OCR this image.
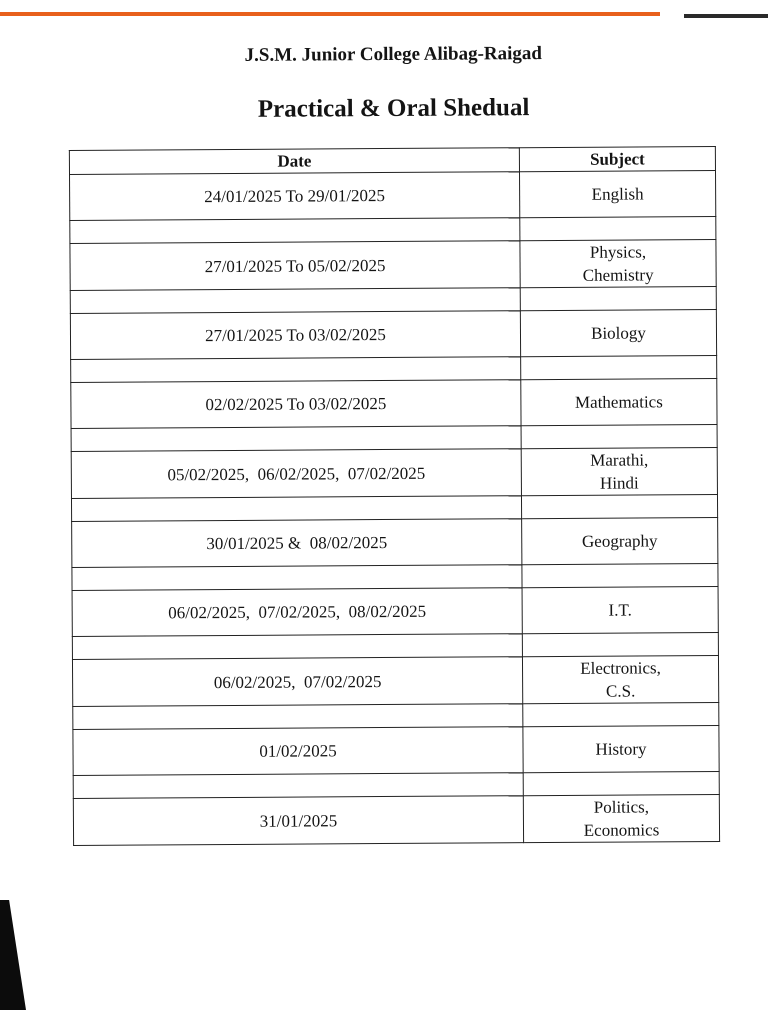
J.S.M. Junior College Alibag-Raigad
Practical & Oral Shedual
Date	Subject
24/01/2025 To 29/01/2025	English

27/01/2025 To 05/02/2025	Physics,
Chemistry

27/01/2025 To 03/02/2025	Biology

02/02/2025 To 03/02/2025	Mathematics

05/02/2025,  06/02/2025,  07/02/2025	Marathi,
Hindi

30/01/2025 &  08/02/2025	Geography

06/02/2025,  07/02/2025,  08/02/2025	I.T.

06/02/2025,  07/02/2025	Electronics,
C.S.

01/02/2025	History

31/01/2025	Politics,
Economics
